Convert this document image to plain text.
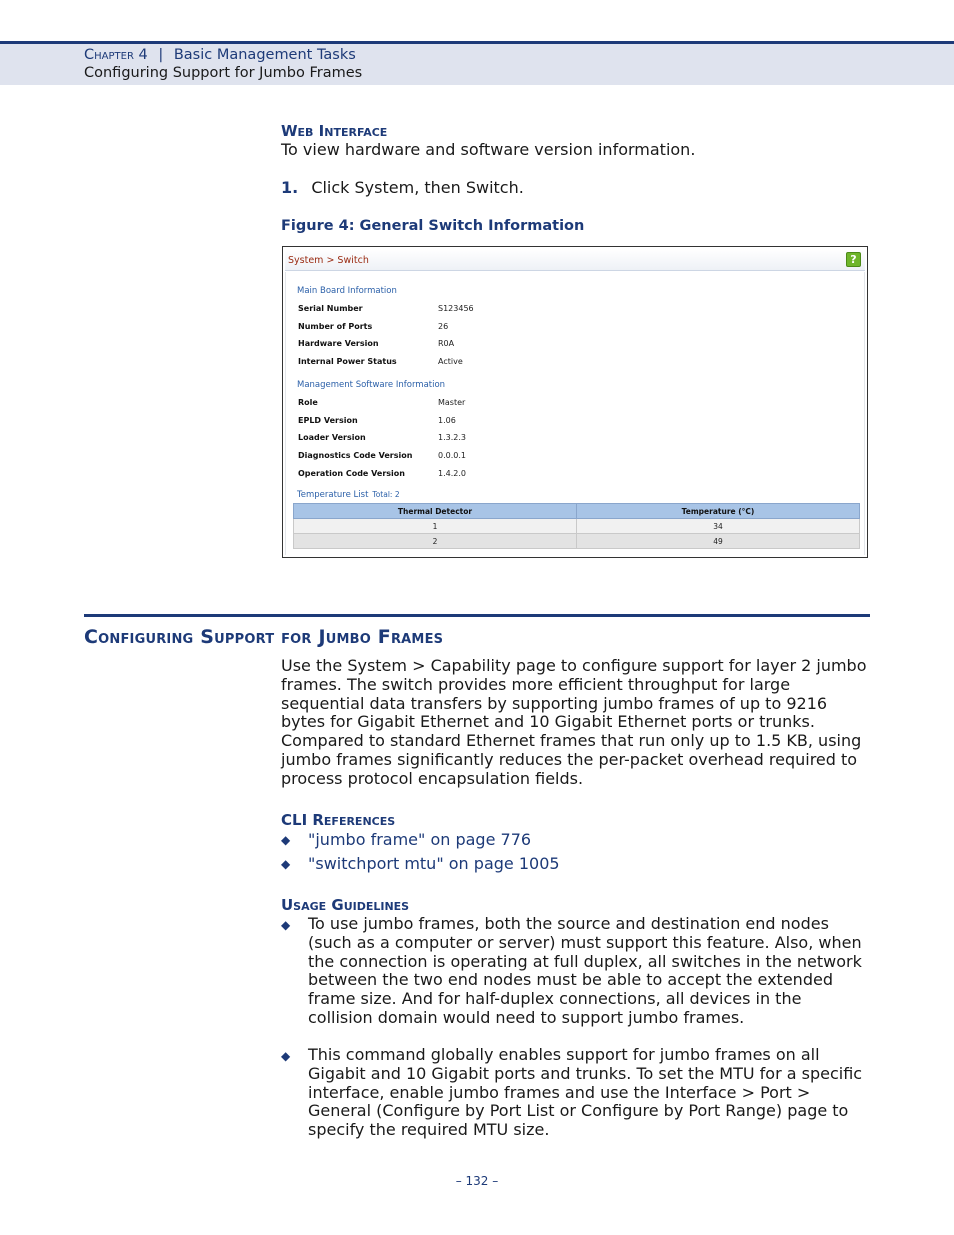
Chapter 4 | Basic Management Tasks
Configuring Support for Jumbo Frames
Web Interface
To view hardware and software version information.
1. Click System, then Switch.
Figure 4: General Switch Information
System > Switch	?
Main Board Information
Serial Number	S123456
Number of Ports	26
Hardware Version	R0A
Internal Power Status	Active
Management Software Information
Role	Master
EPLD Version	1.06
Loader Version	1.3.2.3
Diagnostics Code Version	0.0.0.1
Operation Code Version	1.4.2.0
Temperature List Total: 2
Thermal Detector	Temperature (°C)
1	34
2	49
Configuring Support for Jumbo Frames
Use the System > Capability page to configure support for layer 2 jumbo frames. The switch provides more efficient throughput for large sequential data transfers by supporting jumbo frames of up to 9216 bytes for Gigabit Ethernet and 10 Gigabit Ethernet ports or trunks. Compared to standard Ethernet frames that run only up to 1.5 KB, using jumbo frames significantly reduces the per-packet overhead required to process protocol encapsulation fields.
CLI References
◆ "jumbo frame" on page 776
◆ "switchport mtu" on page 1005
Usage Guidelines
◆ To use jumbo frames, both the source and destination end nodes (such as a computer or server) must support this feature. Also, when the connection is operating at full duplex, all switches in the network between the two end nodes must be able to accept the extended frame size. And for half-duplex connections, all devices in the collision domain would need to support jumbo frames.
◆ This command globally enables support for jumbo frames on all Gigabit and 10 Gigabit ports and trunks. To set the MTU for a specific interface, enable jumbo frames and use the Interface > Port > General (Configure by Port List or Configure by Port Range) page to specify the required MTU size.
– 132 –
